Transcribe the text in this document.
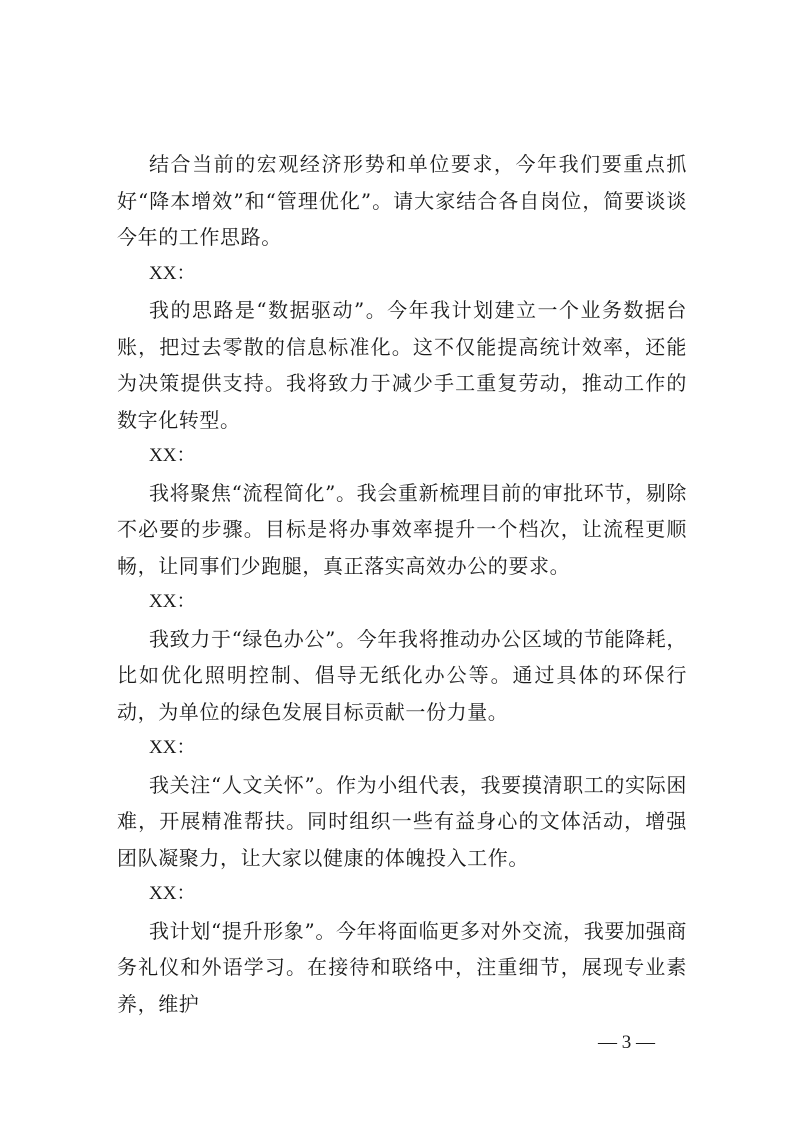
结合当前的宏观经济形势和单位要求，今年我们要重点抓好“降本增效”和“管理优化”。请大家结合各自岗位，简要谈谈今年的工作思路。

XX：

我的思路是“数据驱动”。今年我计划建立一个业务数据台账，把过去零散的信息标准化。这不仅能提高统计效率，还能为决策提供支持。我将致力于减少手工重复劳动，推动工作的数字化转型。

XX：

我将聚焦“流程简化”。我会重新梳理目前的审批环节，剔除不必要的步骤。目标是将办事效率提升一个档次，让流程更顺畅，让同事们少跑腿，真正落实高效办公的要求。

XX：

我致力于“绿色办公”。今年我将推动办公区域的节能降耗，比如优化照明控制、倡导无纸化办公等。通过具体的环保行动，为单位的绿色发展目标贡献一份力量。

XX：

我关注“人文关怀”。作为小组代表，我要摸清职工的实际困难，开展精准帮扶。同时组织一些有益身心的文体活动，增强团队凝聚力，让大家以健康的体魄投入工作。

XX：

我计划“提升形象”。今年将面临更多对外交流，我要加强商务礼仪和外语学习。在接待和联络中，注重细节，展现专业素养，维护

— 3 —
